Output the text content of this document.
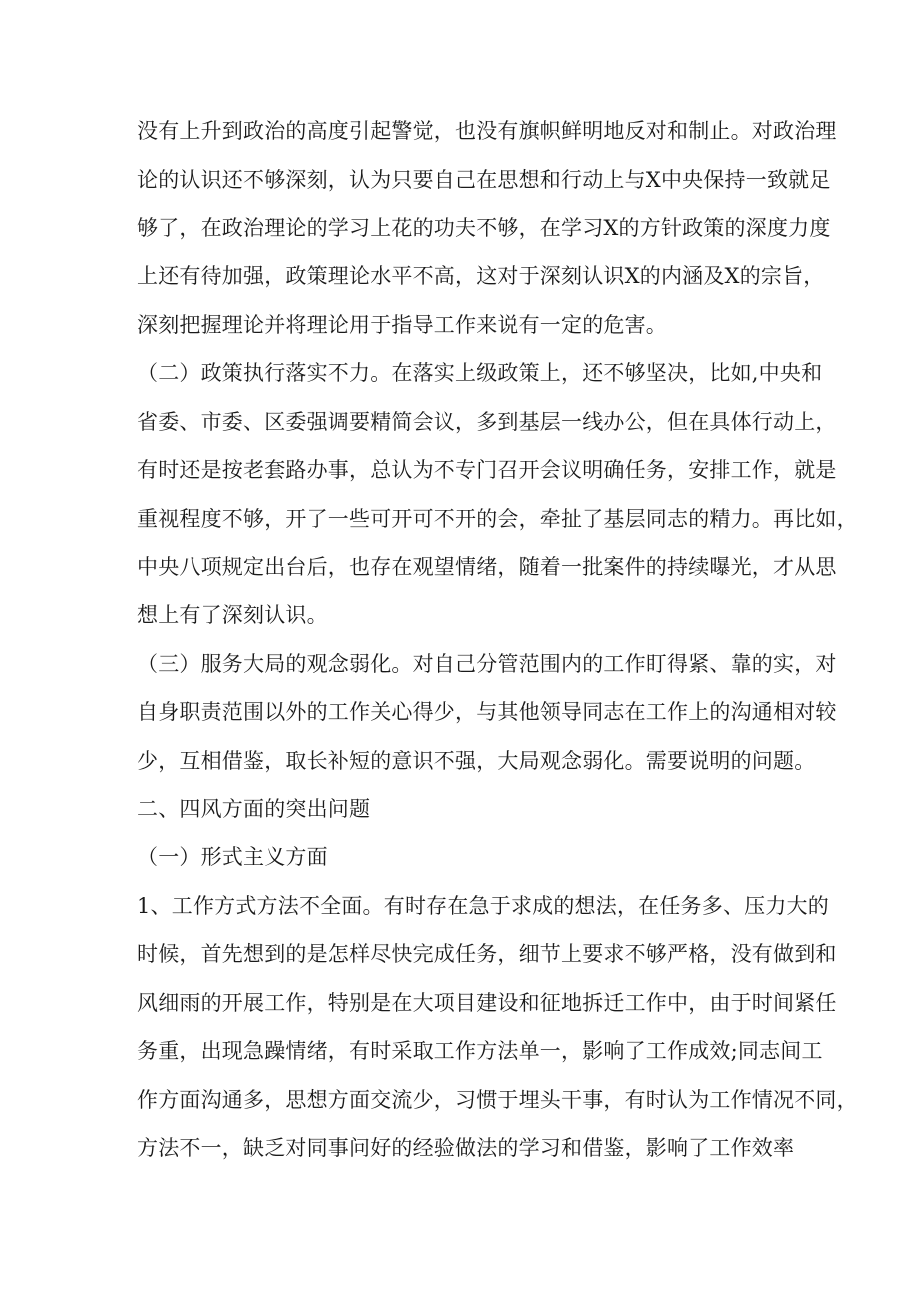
没有上升到政治的高度引起警觉，也没有旗帜鲜明地反对和制止。对政治理
论的认识还不够深刻，认为只要自己在思想和行动上与X中央保持一致就足
够了，在政治理论的学习上花的功夫不够，在学习X的方针政策的深度力度
上还有待加强，政策理论水平不高，这对于深刻认识X的内涵及X的宗旨，
深刻把握理论并将理论用于指导工作来说有一定的危害。
（二）政策执行落实不力。在落实上级政策上，还不够坚决，比如,中央和
省委、市委、区委强调要精简会议，多到基层一线办公，但在具体行动上，
有时还是按老套路办事，总认为不专门召开会议明确任务，安排工作，就是
重视程度不够，开了一些可开可不开的会，牵扯了基层同志的精力。再比如，
中央八项规定出台后，也存在观望情绪，随着一批案件的持续曝光，才从思
想上有了深刻认识。
（三）服务大局的观念弱化。对自己分管范围内的工作盯得紧、靠的实，对
自身职责范围以外的工作关心得少，与其他领导同志在工作上的沟通相对较
少，互相借鉴，取长补短的意识不强，大局观念弱化。需要说明的问题。
二、四风方面的突出问题
（一）形式主义方面
1、工作方式方法不全面。有时存在急于求成的想法，在任务多、压力大的
时候，首先想到的是怎样尽快完成任务，细节上要求不够严格，没有做到和
风细雨的开展工作，特别是在大项目建设和征地拆迁工作中，由于时间紧任
务重，出现急躁情绪，有时采取工作方法单一，影响了工作成效;同志间工
作方面沟通多，思想方面交流少，习惯于埋头干事，有时认为工作情况不同，
方法不一，缺乏对同事问好的经验做法的学习和借鉴，影响了工作效率
